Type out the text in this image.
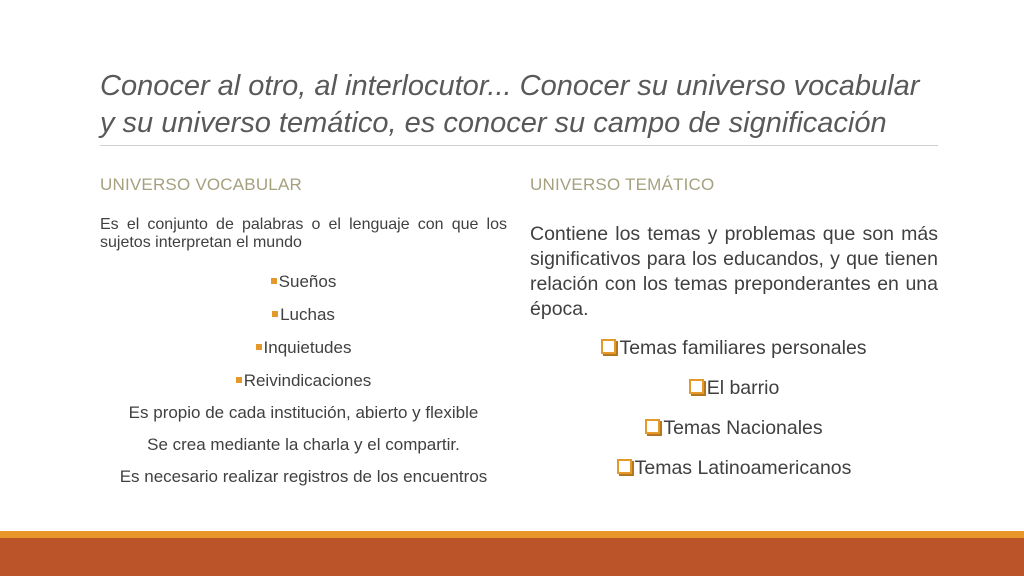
Conocer al otro, al interlocutor... Conocer su universo vocabular
y su universo temático, es conocer su campo de significación
UNIVERSO VOCABULAR	UNIVERSO TEMÁTICO

Es el conjunto de palabras o el lenguaje con que los sujetos interpretan el mundo

Sueños

Luchas

Inquietudes

Reivindicaciones

Es propio de cada institución, abierto y flexible

Se crea mediante la charla y el compartir.

Es necesario realizar registros de los encuentros

Contiene los temas y problemas que son más significativos para los educandos, y que tienen relación con los temas preponderantes en una época.

Temas familiares personales

El barrio

Temas Nacionales

Temas Latinoamericanos
